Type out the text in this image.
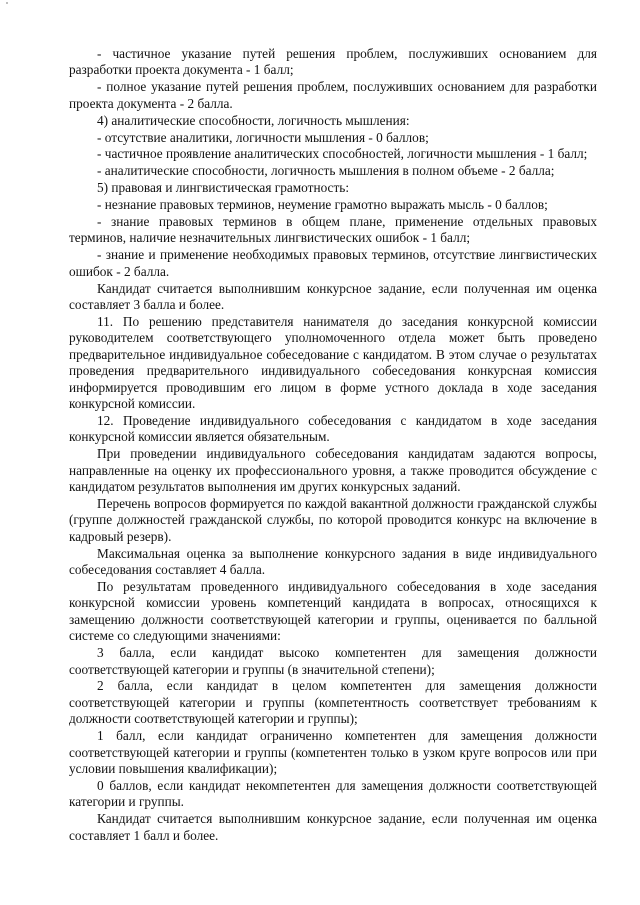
- частичное указание путей решения проблем, послуживших основанием для разработки проекта документа - 1 балл;

- полное указание путей решения проблем, послуживших основанием для разработки проекта документа - 2 балла.

4) аналитические способности, логичность мышления:

- отсутствие аналитики, логичности мышления - 0 баллов;

- частичное проявление аналитических способностей, логичности мышления - 1 балл;

- аналитические способности, логичность мышления в полном объеме - 2 балла;

5) правовая и лингвистическая грамотность:

- незнание правовых терминов, неумение грамотно выражать мысль - 0 баллов;

- знание правовых терминов в общем плане, применение отдельных правовых терминов, наличие незначительных лингвистических ошибок - 1 балл;

- знание и применение необходимых правовых терминов, отсутствие лингвистических ошибок - 2 балла.

Кандидат считается выполнившим конкурсное задание, если полученная им оценка составляет 3 балла и более.

11. По решению представителя нанимателя до заседания конкурсной комиссии руководителем соответствующего уполномоченного отдела может быть проведено предварительное индивидуальное собеседование с кандидатом. В этом случае о результатах проведения предварительного индивидуального собеседования конкурсная комиссия информируется проводившим его лицом в форме устного доклада в ходе заседания конкурсной комиссии.

12. Проведение индивидуального собеседования с кандидатом в ходе заседания конкурсной комиссии является обязательным.

При проведении индивидуального собеседования кандидатам задаются вопросы, направленные на оценку их профессионального уровня, а также проводится обсуждение с кандидатом результатов выполнения им других конкурсных заданий.

Перечень вопросов формируется по каждой вакантной должности гражданской службы (группе должностей гражданской службы, по которой проводится конкурс на включение в кадровый резерв).

Максимальная оценка за выполнение конкурсного задания в виде индивидуального собеседования составляет 4 балла.

По результатам проведенного индивидуального собеседования в ходе заседания конкурсной комиссии уровень компетенций кандидата в вопросах, относящихся к замещению должности соответствующей категории и группы, оценивается по балльной системе со следующими значениями:

3 балла, если кандидат высоко компетентен для замещения должности соответствующей категории и группы (в значительной степени);

2 балла, если кандидат в целом компетентен для замещения должности соответствующей категории и группы (компетентность соответствует требованиям к должности соответствующей категории и группы);

1 балл, если кандидат ограниченно компетентен для замещения должности соответствующей категории и группы (компетентен только в узком круге вопросов или при условии повышения квалификации);

0 баллов, если кандидат некомпетентен для замещения должности соответствующей категории и группы.

Кандидат считается выполнившим конкурсное задание, если полученная им оценка составляет 1 балл и более.
